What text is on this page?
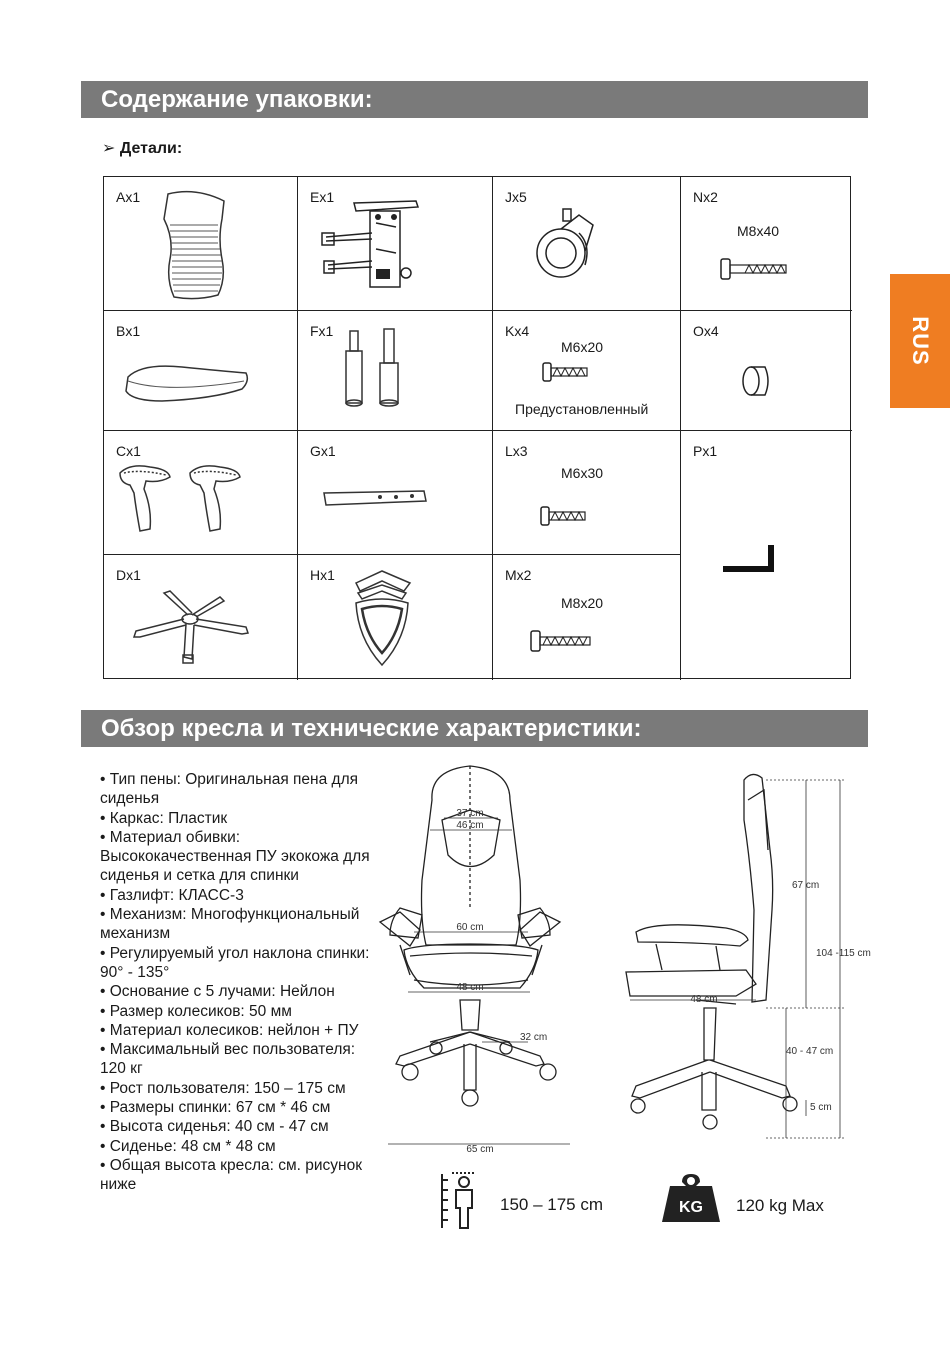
Содержание упаковки:
RUS
➢ Детали:
Ax1
Bx1
Cx1
Dx1
Ex1
Fx1
Gx1
Hx1
Jx5
Kx4
M6x20
Предустановленный
Lx3
M6x30
Mx2
M8x20
Nx2
M8x40
Ox4
Px1
Обзор кресла и технические характеристики:
• Тип пены: Оригинальная пена для сиденья
• Каркас: Пластик
• Материал обивки: Высококачественная ПУ экокожа для сиденья и сетка для спинки
• Газлифт: КЛАСС-3
• Механизм: Многофункциональный механизм
• Регулируемый угол наклона спинки: 90° - 135°
• Основание с 5 лучами: Нейлон
• Размер колесиков: 50 мм
• Материал колесиков: нейлон + ПУ
• Максимальный вес пользователя: 120 кг
• Рост пользователя: 150 – 175 см
• Размеры спинки: 67 см * 46 см
• Высота сиденья: 40 см - 47 см
• Сиденье: 48 см * 48 см
• Общая высота кресла: см. рисунок ниже
37 cm
46 cm
60 cm
48 cm
32 cm
65 cm
67 cm
104 -115 cm
48 cm
40 - 47 cm
5 cm
150 – 175 cm	KG 120 kg Max
